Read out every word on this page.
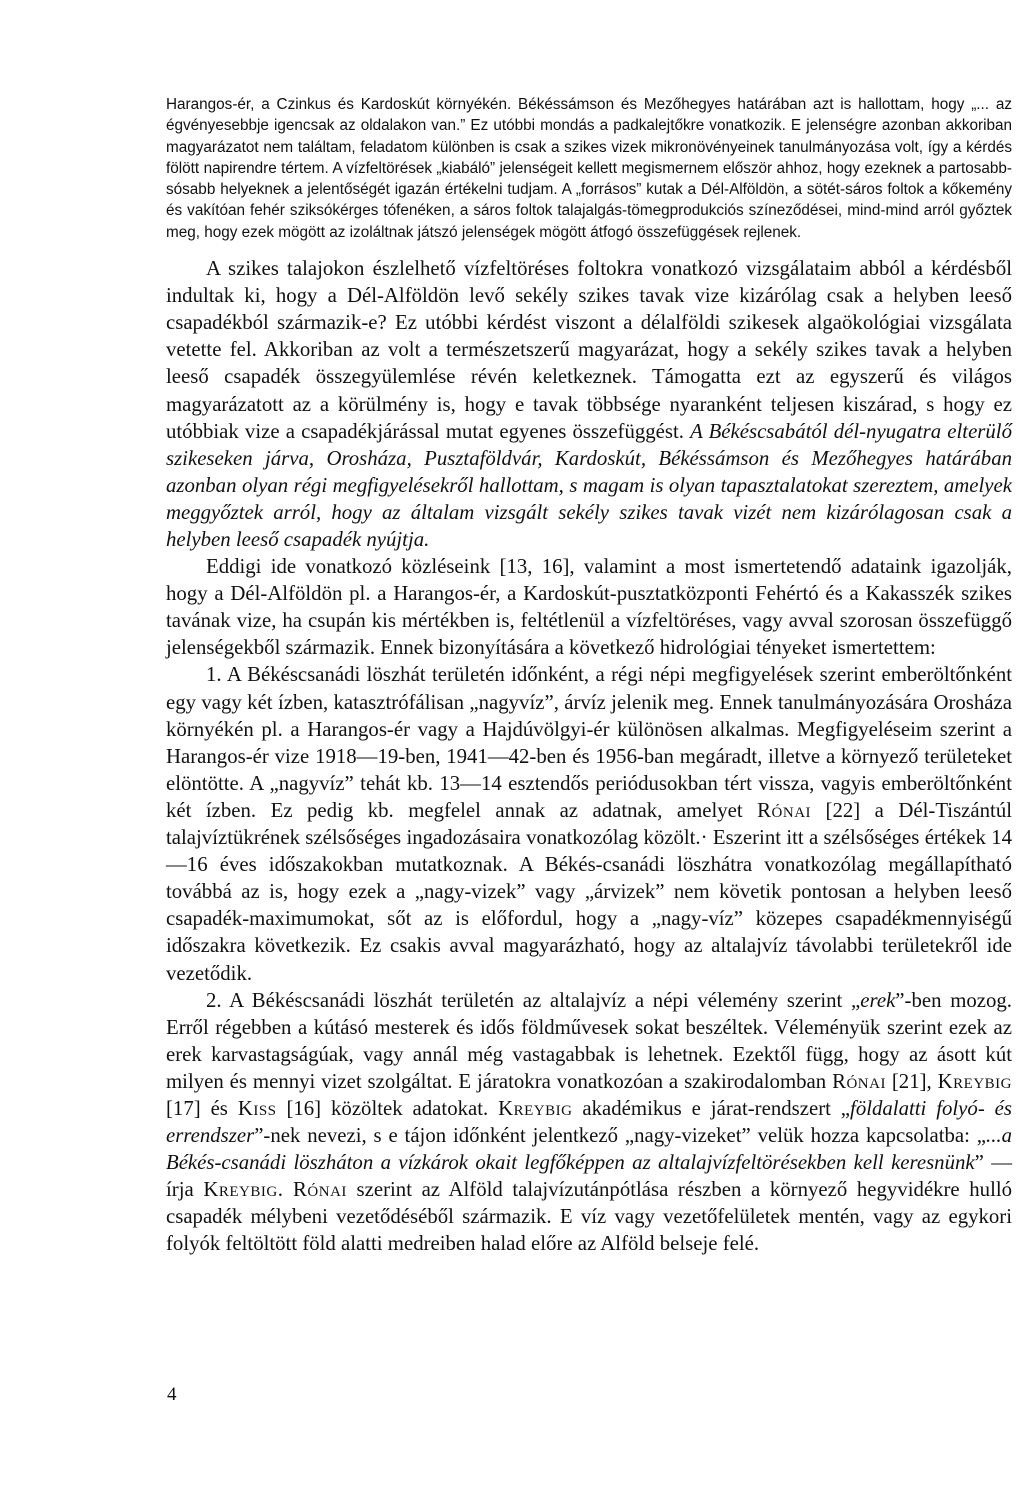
Harangos-ér, a Czinkus és Kardoskút környékén. Békéssámson és Mezőhegyes határában azt is hallottam, hogy „... az égvényesebbje igencsak az oldalakon van.” Ez utóbbi mondás a padkalejtőkre vonatkozik. E jelenségre azonban akkoriban magyarázatot nem találtam, feladatom különben is csak a szikes vizek mikronövényeinek tanulmányozása volt, így a kérdés fölött napirendre tértem. A vízfeltörések „kiabáló” jelenségeit kellett megismernem először ahhoz, hogy ezeknek a partosabb-sósabb helyeknek a jelentőségét igazán értékelni tudjam. A „forrásos” kutak a Dél-Alföldön, a sötét-sáros foltok a kőkemény és vakítóan fehér sziksókérges tófenéken, a sáros foltok talajalgás-tömegprodukciós színeződései, mind-mind arról győztek meg, hogy ezek mögött az izoláltnak játszó jelenségek mögött átfogó összefüggések rejlenek.

A szikes talajokon észlelhető vízfeltöréses foltokra vonatkozó vizsgálataim abból a kérdésből indultak ki, hogy a Dél-Alföldön levő sekély szikes tavak vize kizárólag csak a helyben leeső csapadékból származik-e? Ez utóbbi kérdést viszont a délalföldi szikesek algaökológiai vizsgálata vetette fel. Akkoriban az volt a természetszerű magyarázat, hogy a sekély szikes tavak a helyben leeső csapadék összegyülemlése révén keletkeznek. Támogatta ezt az egyszerű és világos magyarázatott az a körülmény is, hogy e tavak többsége nyaranként teljesen kiszárad, s hogy ez utóbbiak vize a csapadékjárással mutat egyenes összefüggést. A Békéscsabától dél-nyugatra elterülő szikeseken járva, Orosháza, Pusztaföldvár, Kardoskút, Békéssámson és Mezőhegyes határában azonban olyan régi megfigyelésekről hallottam, s magam is olyan tapasztalatokat szereztem, amelyek meggyőztek arról, hogy az általam vizsgált sekély szikes tavak vizét nem kizárólagosan csak a helyben leeső csapadék nyújtja.

Eddigi ide vonatkozó közléseink [13, 16], valamint a most ismertetendő adataink igazolják, hogy a Dél-Alföldön pl. a Harangos-ér, a Kardoskút-pusztatközponti Fehértó és a Kakasszék szikes tavának vize, ha csupán kis mértékben is, feltétlenül a vízfeltöréses, vagy avval szorosan összefüggő jelenségekből származik. Ennek bizonyítására a következő hidrológiai tényeket ismertettem:

1. A Békéscsanádi löszhát területén időnként, a régi népi megfigyelések szerint emberöltőnként egy vagy két ízben, katasztrófálisan „nagyvíz”, árvíz jelenik meg. Ennek tanulmányozására Orosháza környékén pl. a Harangos-ér vagy a Hajdúvölgyi-ér különösen alkalmas. Megfigyeléseim szerint a Harangos-ér vize 1918—19-ben, 1941—42-ben és 1956-ban megáradt, illetve a környező területeket elöntötte. A „nagyvíz” tehát kb. 13—14 esztendős periódusokban tért vissza, vagyis emberöltőnként két ízben. Ez pedig kb. megfelel annak az adatnak, amelyet Rónai [22] a Dél-Tiszántúl talajvíztükrének szélsőséges ingadozásaira vonatkozólag közölt.· Eszerint itt a szélsőséges értékek 14—16 éves időszakokban mutatkoznak. A Békés-csanádi löszhátra vonatkozólag megállapítható továbbá az is, hogy ezek a „nagy-vizek” vagy „árvizek” nem követik pontosan a helyben leeső csapadék-maximumokat, sőt az is előfordul, hogy a „nagy-víz” közepes csapadékmennyiségű időszakra következik. Ez csakis avval magyarázható, hogy az altalajvíz távolabbi területekről ide vezetődik.

2. A Békéscsanádi löszhát területén az altalajvíz a népi vélemény szerint „erek”-ben mozog. Erről régebben a kútásó mesterek és idős földművesek sokat beszéltek. Véleményük szerint ezek az erek karvastagságúak, vagy annál még vastagabbak is lehetnek. Ezektől függ, hogy az ásott kút milyen és mennyi vizet szolgáltat. E járatokra vonatkozóan a szakirodalomban Rónai [21], Kreybig [17] és Kiss [16] közöltek adatokat. Kreybig akadémikus e járat-rendszert „földalatti folyó- és errendszer”-nek nevezi, s e tájon időnként jelentkező „nagy-vizeket” velük hozza kapcsolatba: „...a Békés-csanádi löszháton a vízkárok okait legfőképpen az altalajvízfeltörésekben kell keresnünk” — írja Kreybig. Rónai szerint az Alföld talajvízutánpótlása részben a környező hegyvidékre hulló csapadék mélybeni vezetődéséből származik. E víz vagy vezetőfelületek mentén, vagy az egykori folyók feltöltött föld alatti medreiben halad előre az Alföld belseje felé.

4
